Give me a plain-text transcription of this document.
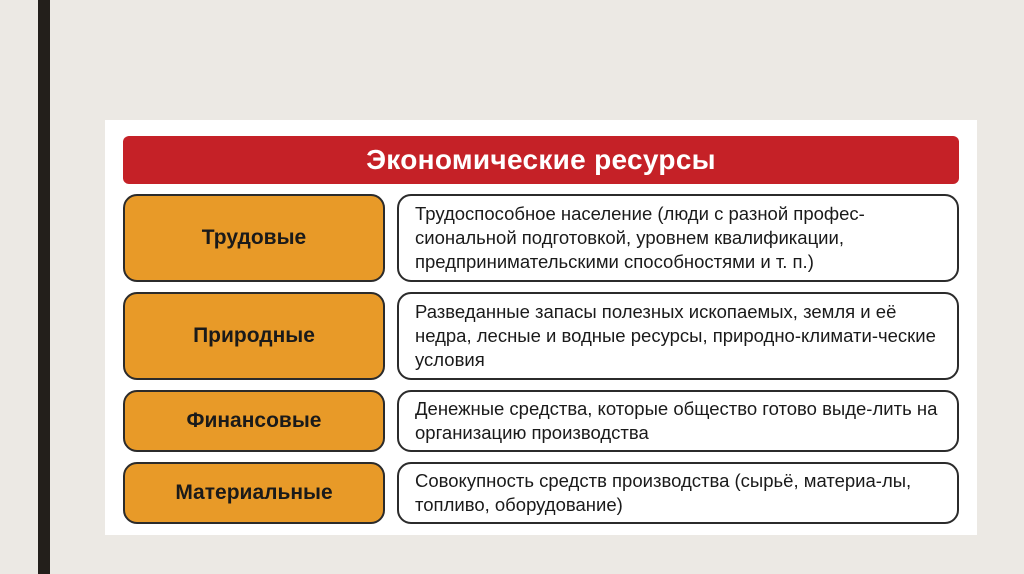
Экономические ресурсы
Трудовые
Трудоспособное население (люди с разной профес-сиональной подготовкой, уровнем квалификации, предпринимательскими способностями и т. п.)
Природные
Разведанные запасы полезных ископаемых, земля и её недра, лесные и водные ресурсы, природно-климати-ческие условия
Финансовые
Денежные средства, которые общество готово выде-лить на организацию производства
Материальные
Совокупность средств производства (сырьё, материа-лы, топливо, оборудование)
